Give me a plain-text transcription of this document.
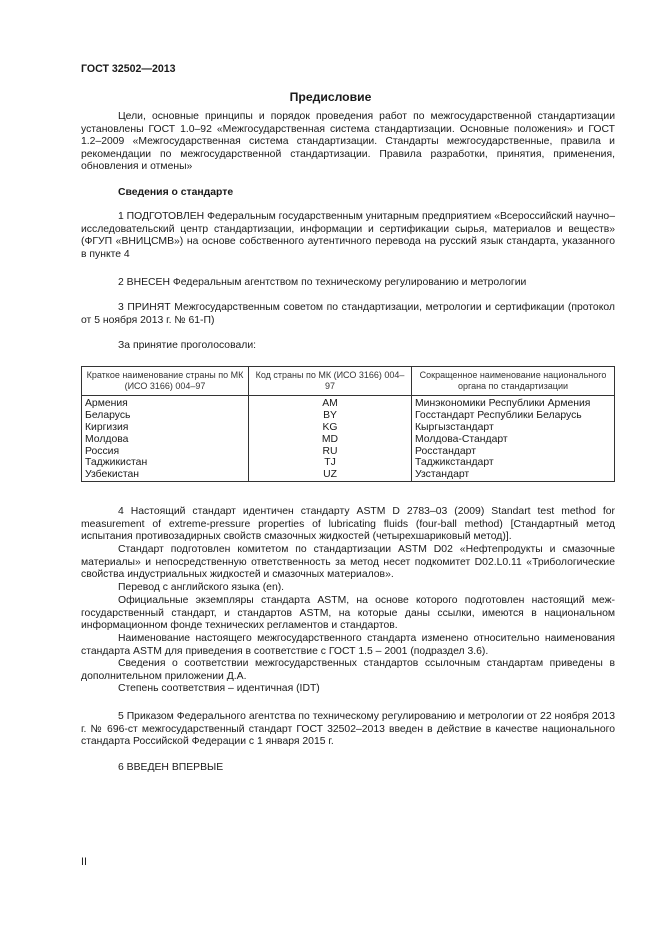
ГОСТ 32502—2013
Предисловие
Цели, основные принципы и порядок проведения работ по межгосударственной стандартизации установлены ГОСТ 1.0–92 «Межгосударственная система стандартизации. Основные положения» и ГОСТ 1.2–2009 «Межгосударственная система стандартизации. Стандарты межгосударственные, правила и рекомендации по межгосударственной стандартизации. Правила разработки, принятия, применения, обновления и отмены»
Сведения о стандарте
1 ПОДГОТОВЛЕН Федеральным государственным унитарным предприятием «Всероссийский научно–исследовательский центр стандартизации, информации и сертификации сырья, материалов и веществ» (ФГУП «ВНИЦСМВ») на основе собственного аутентичного перевода на русский язык стандарта, указанного в пункте 4
2 ВНЕСЕН Федеральным агентством по техническому регулированию и метрологии
3 ПРИНЯТ Межгосударственным советом по стандартизации, метрологии и сертификации (протокол от 5 ноября 2013 г. № 61-П)
За принятие проголосовали:
Краткое наименование страны по МК (ИСО 3166) 004–97	Код страны по МК (ИСО 3166) 004–97	Сокращенное наименование национального органа по стандартизации
Армения	AM	Минэкономики Республики Армения
Беларусь	BY	Госстандарт Республики Беларусь
Киргизия	KG	Кыргызстандарт
Молдова	MD	Молдова-Стандарт
Россия	RU	Росстандарт
Таджикистан	TJ	Таджикстандарт
Узбекистан	UZ	Узстандарт
4 Настоящий стандарт идентичен стандарту ASTM D 2783–03 (2009) Standart test method for measurement of extreme-pressure properties of lubricating fluids (four-ball method) [Стандартный метод испытания противозадирных свойств смазочных жидкостей (четырехшариковый метод)].
Стандарт подготовлен комитетом по стандартизации ASTM D02 «Нефтепродукты и смазочные материалы» и непосредственную ответственность за метод несет подкомитет D02.L0.11 «Трибологические свойства индустриальных жидкостей и смазочных материалов».
Перевод с английского языка (en).
Официальные экземпляры стандарта ASTM, на основе которого подготовлен настоящий межгосударственный стандарт, и стандартов ASTM, на которые даны ссылки, имеются в национальном информационном фонде технических регламентов и стандартов.
Наименование настоящего межгосударственного стандарта изменено относительно наименования стандарта ASTM для приведения в соответствие с ГОСТ 1.5 – 2001 (подраздел 3.6).
Сведения о соответствии межгосударственных стандартов ссылочным стандартам приведены в дополнительном приложении Д.А.
Степень соответствия – идентичная (IDT)
5 Приказом Федерального агентства по техническому регулированию и метрологии от 22 ноября 2013 г. № 696-ст межгосударственный стандарт ГОСТ 32502–2013 введен в действие в качестве национального стандарта Российской Федерации с 1 января 2015 г.
6 ВВЕДЕН ВПЕРВЫЕ
II
